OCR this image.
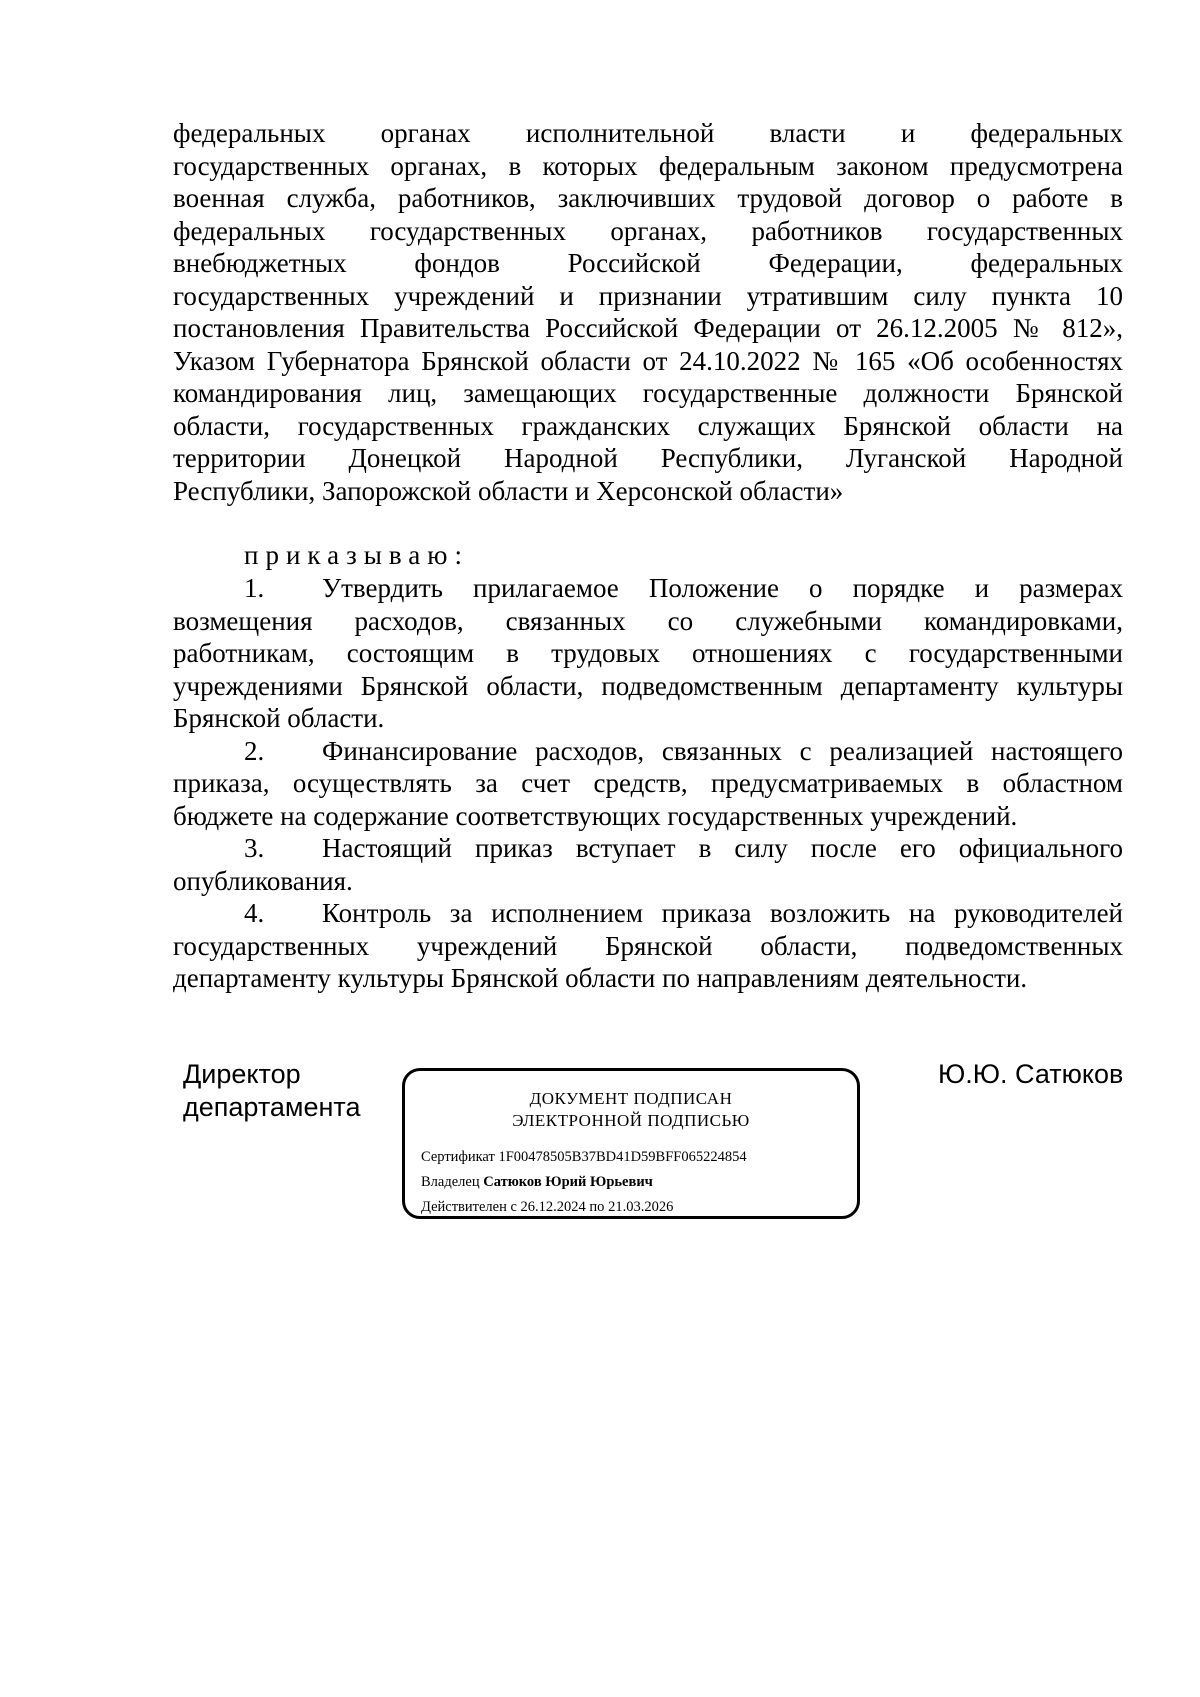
федеральных органах исполнительной власти и федеральных
государственных органах, в которых федеральным законом предусмотрена
военная служба, работников, заключивших трудовой договор о работе в
федеральных государственных органах, работников государственных
внебюджетных фондов Российской Федерации, федеральных
государственных учреждений и признании утратившим силу пункта 10
постановления Правительства Российской Федерации от 26.12.2005 № 812»,
Указом Губернатора Брянской области от 24.10.2022 № 165 «Об особенностях
командирования лиц, замещающих государственные должности Брянской
области, государственных гражданских служащих Брянской области на
территории Донецкой Народной Республики, Луганской Народной
Республики, Запорожской области и Херсонской области»
приказываю:
1.	Утвердить прилагаемое Положение о порядке и размерах
возмещения расходов, связанных со служебными командировками,
работникам, состоящим в трудовых отношениях с государственными
учреждениями Брянской области, подведомственным департаменту культуры
Брянской области.
2.	Финансирование расходов, связанных с реализацией настоящего
приказа, осуществлять за счет средств, предусматриваемых в областном
бюджете на содержание соответствующих государственных учреждений.
3.	Настоящий приказ вступает в силу после его официального
опубликования.
4.	Контроль за исполнением приказа возложить на руководителей
государственных учреждений Брянской области, подведомственных
департаменту культуры Брянской области по направлениям деятельности.
Директор
департамента	ДОКУМЕНТ ПОДПИСАН
ЭЛЕКТРОННОЙ ПОДПИСЬЮ
Сертификат 1F00478505B37BD41D59BFF065224854
Владелец Сатюков Юрий Юрьевич
Действителен с 26.12.2024 по 21.03.2026
Ю.Ю. Сатюков
